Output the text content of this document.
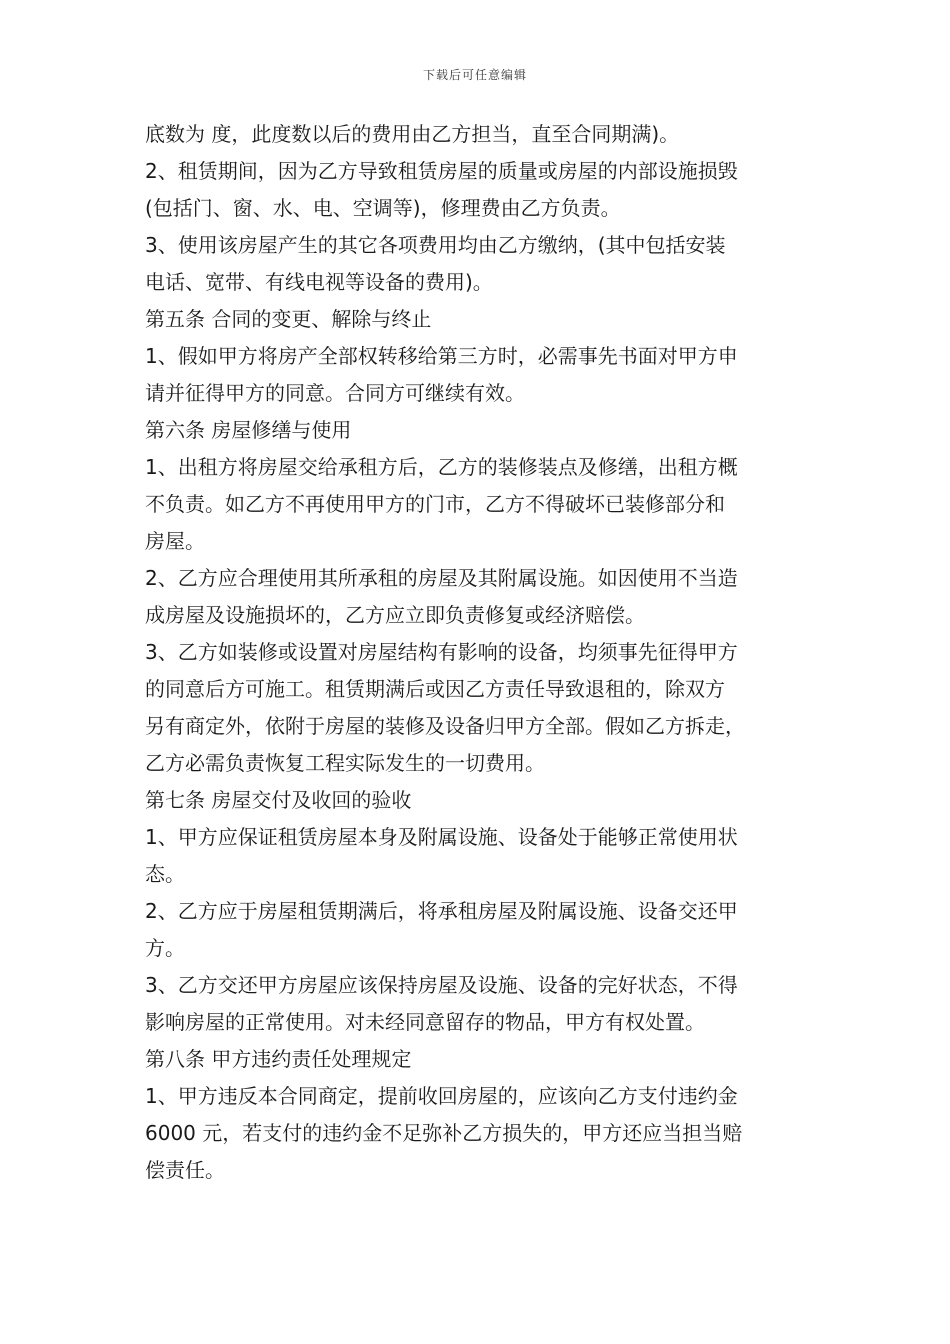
下载后可任意编辑
底数为 度，此度数以后的费用由乙方担当，直至合同期满)。
2、租赁期间，因为乙方导致租赁房屋的质量或房屋的内部设施损毁
(包括门、窗、水、电、空调等)，修理费由乙方负责。
3、使用该房屋产生的其它各项费用均由乙方缴纳，(其中包括安装
电话、宽带、有线电视等设备的费用)。
第五条 合同的变更、解除与终止
1、假如甲方将房产全部权转移给第三方时，必需事先书面对甲方申
请并征得甲方的同意。合同方可继续有效。
第六条 房屋修缮与使用
1、出租方将房屋交给承租方后，乙方的装修装点及修缮，出租方概
不负责。如乙方不再使用甲方的门市，乙方不得破坏已装修部分和
房屋。
2、乙方应合理使用其所承租的房屋及其附属设施。如因使用不当造
成房屋及设施损坏的，乙方应立即负责修复或经济赔偿。
3、乙方如装修或设置对房屋结构有影响的设备，均须事先征得甲方
的同意后方可施工。租赁期满后或因乙方责任导致退租的，除双方
另有商定外，依附于房屋的装修及设备归甲方全部。假如乙方拆走，
乙方必需负责恢复工程实际发生的一切费用。
第七条 房屋交付及收回的验收
1、甲方应保证租赁房屋本身及附属设施、设备处于能够正常使用状
态。
2、乙方应于房屋租赁期满后，将承租房屋及附属设施、设备交还甲
方。
3、乙方交还甲方房屋应该保持房屋及设施、设备的完好状态，不得
影响房屋的正常使用。对未经同意留存的物品，甲方有权处置。
第八条 甲方违约责任处理规定
1、甲方违反本合同商定，提前收回房屋的，应该向乙方支付违约金
6000 元，若支付的违约金不足弥补乙方损失的，甲方还应当担当赔
偿责任。
